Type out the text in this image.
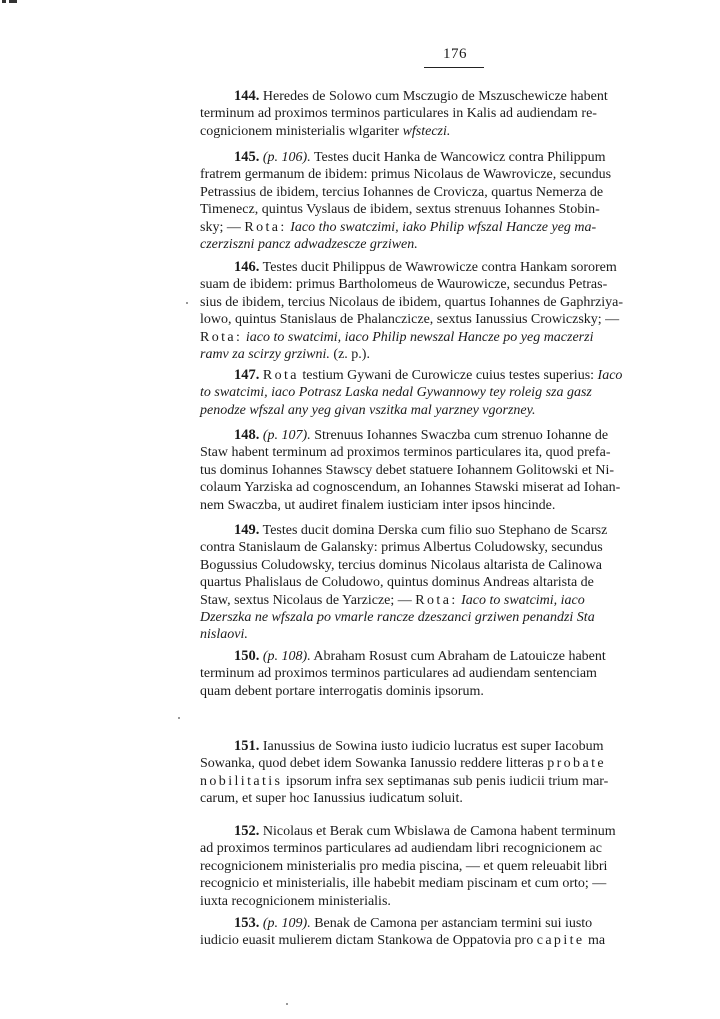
176
144. Heredes de Solowo cum Msczugio de Mszuschewicze habent
terminum ad proximos terminos particulares in Kalis ad audiendam re-
cognicionem ministerialis wlgariter wfsteczi.
145. (p. 106). Testes ducit Hanka de Wancowicz contra Philippum
fratrem germanum de ibidem: primus Nicolaus de Wawrovicze, secundus
Petrassius de ibidem, tercius Iohannes de Crovicza, quartus Nemerza de
Timenecz, quintus Vyslaus de ibidem, sextus strenuus Iohannes Stobin-
sky; — Rota: Iaco tho swatczimi, iako Philip wfszal Hancze yeg ma-
czerziszni pancz adwadzescze grziwen.
146. Testes ducit Philippus de Wawrowicze contra Hankam sororem
suam de ibidem: primus Bartholomeus de Waurowicze, secundus Petras-
sius de ibidem, tercius Nicolaus de ibidem, quartus Iohannes de Gaphrziya-
lowo, quintus Stanislaus de Phalanczicze, sextus Ianussius Crowiczsky; —
Rota: iaco to swatcimi, iaco Philip newszal Hancze po yeg maczerzi
ramv za scirzy grziwni. (z. p.).
147. Rota testium Gywani de Curowicze cuius testes superius: Iaco
to swatcimi, iaco Potrasz Laska nedal Gywannowy tey roleig sza gasz
penodze wfszal any yeg givan vszitka mal yarzney vgorzney.
148. (p. 107). Strenuus Iohannes Swaczba cum strenuo Iohanne de
Staw habent terminum ad proximos terminos particulares ita, quod prefa-
tus dominus Iohannes Stawscy debet statuere Iohannem Golitowski et Ni-
colaum Yarziska ad cognoscendum, an Iohannes Stawski miserat ad Iohan-
nem Swaczba, ut audiret finalem iusticiam inter ipsos hincinde.
149. Testes ducit domina Derska cum filio suo Stephano de Scarsz
contra Stanislaum de Galansky: primus Albertus Coludowsky, secundus
Bogussius Coludowsky, tercius dominus Nicolaus altarista de Calinowa
quartus Phalislaus de Coludowo, quintus dominus Andreas altarista de
Staw, sextus Nicolaus de Yarzicze; — Rota: Iaco to swatcimi, iaco
Dzerszka ne wfszala po vmarle rancze dzeszanci grziwen penandzi Sta
nislaovi.
150. (p. 108). Abraham Rosust cum Abraham de Latouicze habent
terminum ad proximos terminos particulares ad audiendam sentenciam
quam debent portare interrogatis dominis ipsorum.
151. Ianussius de Sowina iusto iudicio lucratus est super Iacobum
Sowanka, quod debet idem Sowanka Ianussio reddere litteras probate
nobilitatis ipsorum infra sex septimanas sub penis iudicii trium mar-
carum, et super hoc Ianussius iudicatum soluit.
152. Nicolaus et Berak cum Wbislawa de Camona habent terminum
ad proximos terminos particulares ad audiendam libri recognicionem ac
recognicionem ministerialis pro media piscina, — et quem releuabit libri
recognicio et ministerialis, ille habebit mediam piscinam et cum orto; —
iuxta recognicionem ministerialis.
153. (p. 109). Benak de Camona per astanciam termini sui iusto
iudicio euasit mulierem dictam Stankowa de Oppatovia pro capite ma
